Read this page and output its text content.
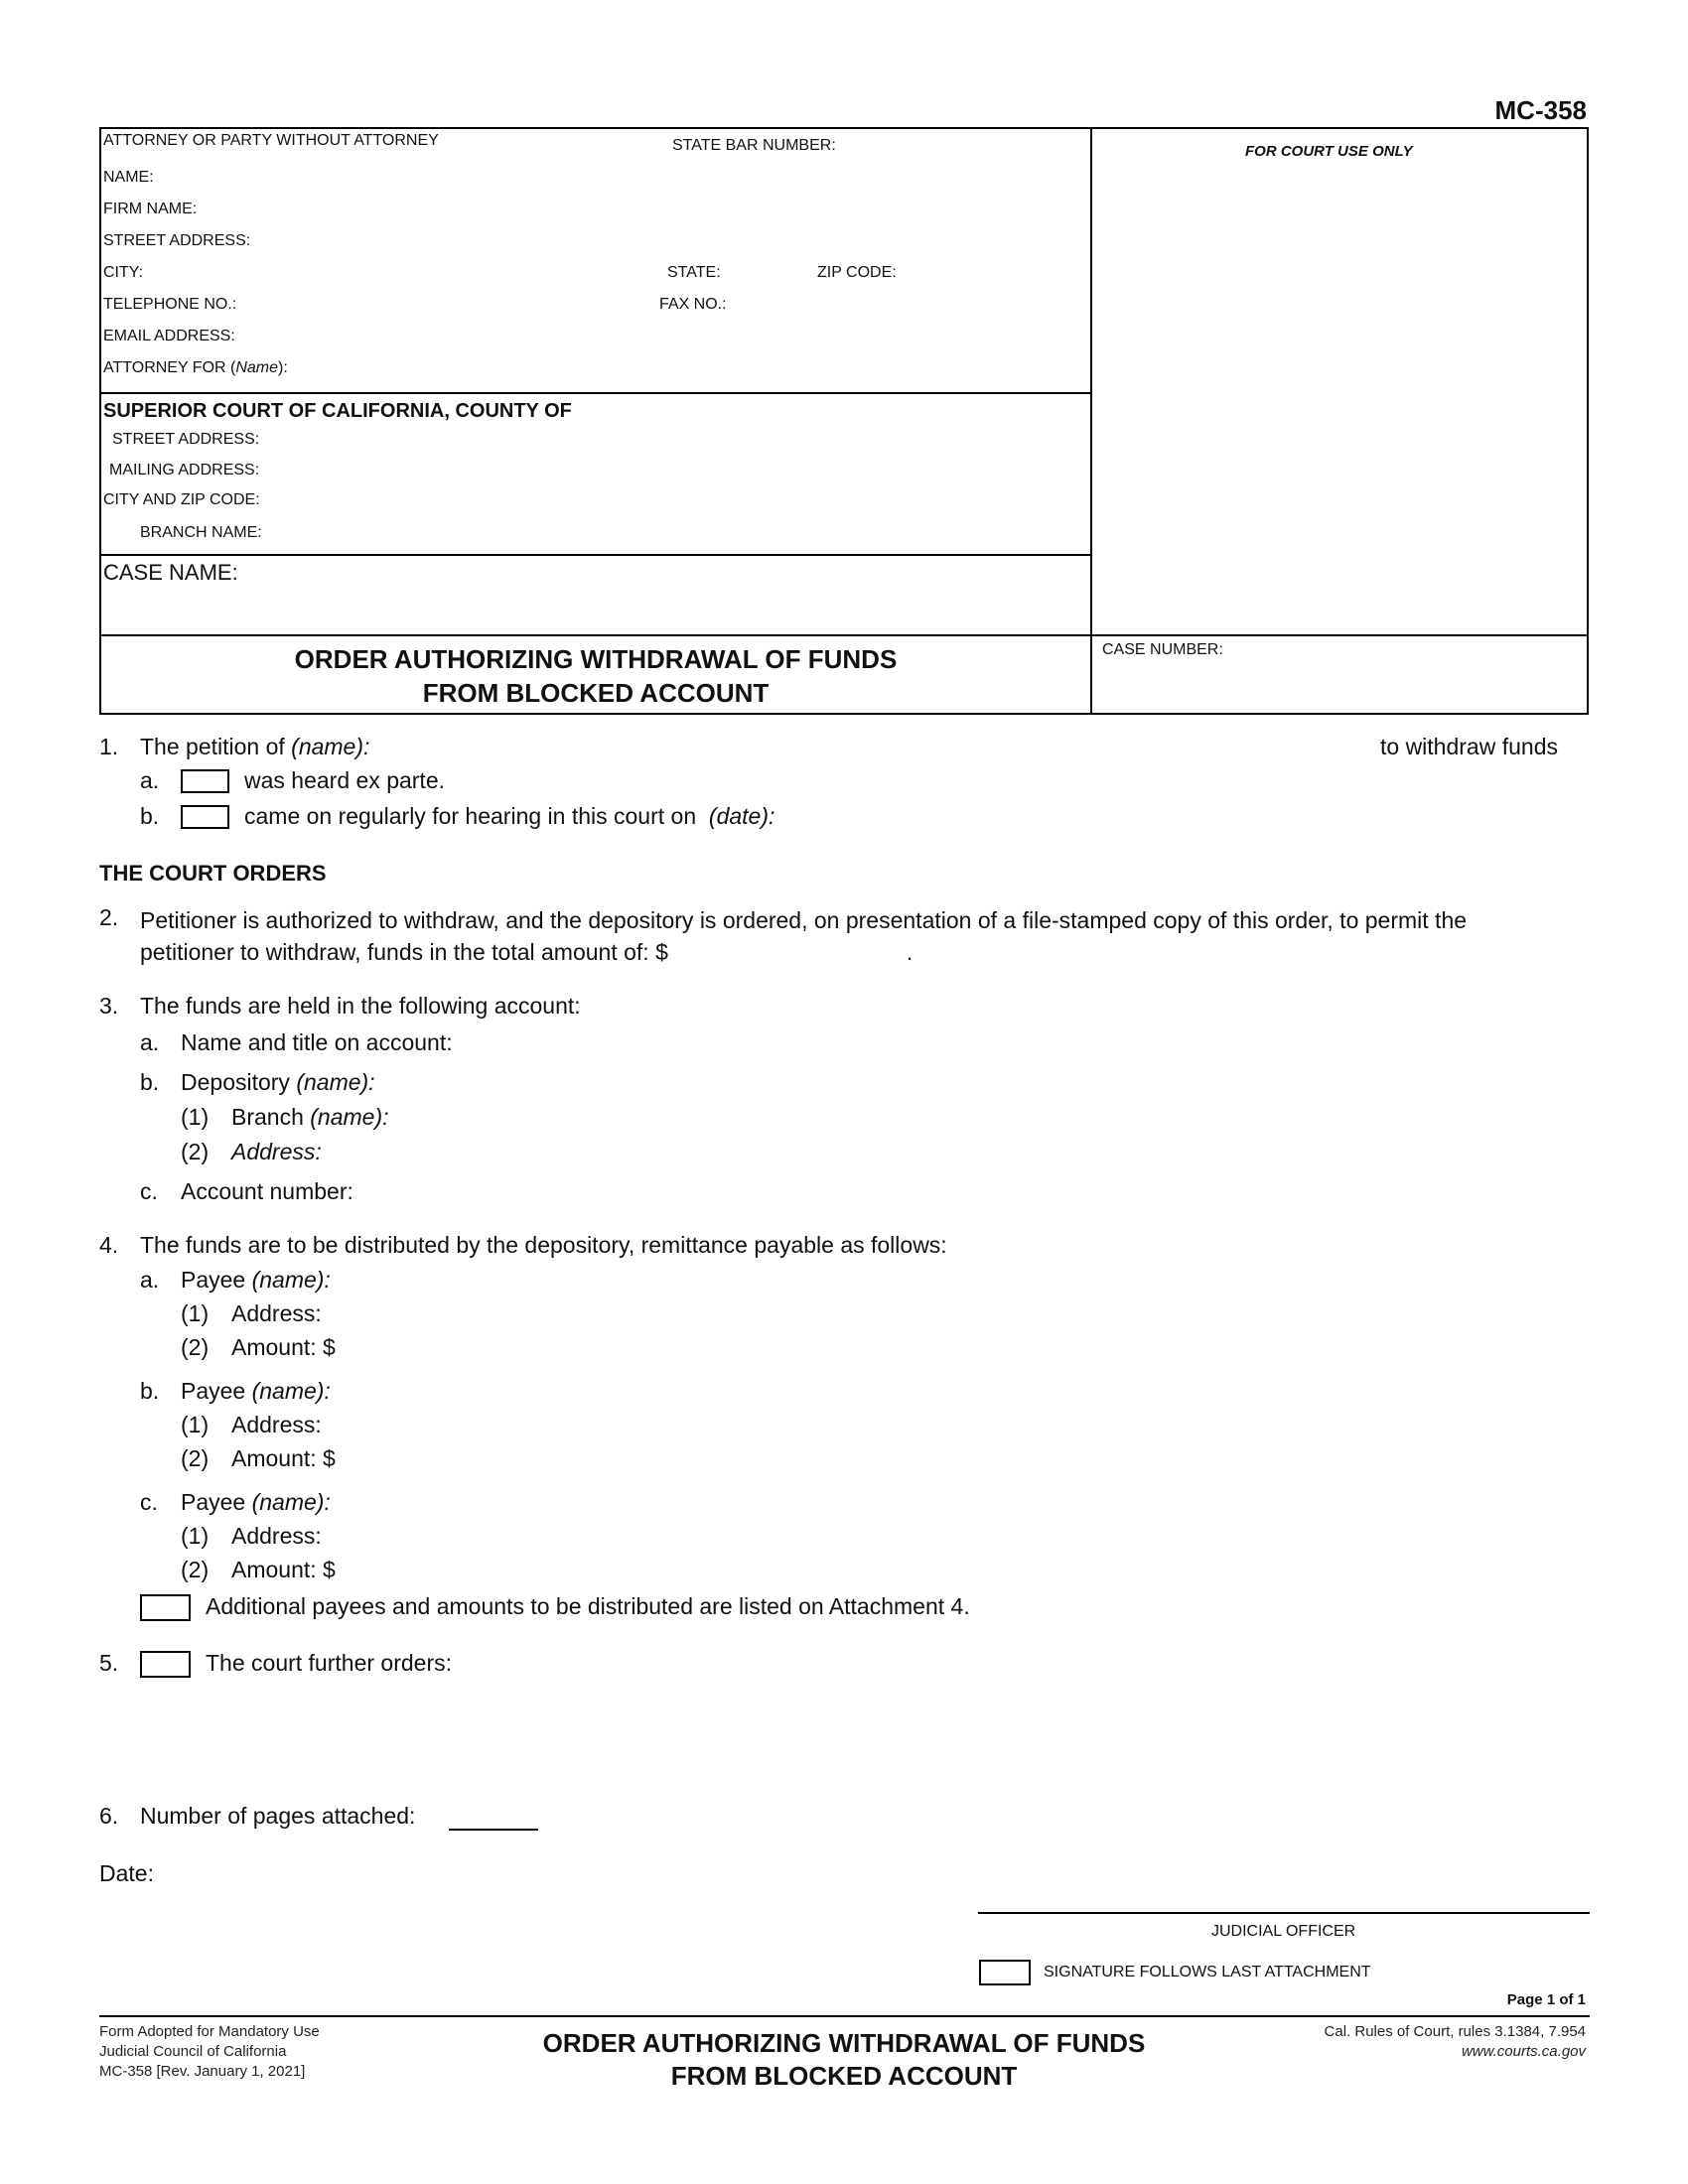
MC-358
ATTORNEY OR PARTY WITHOUT ATTORNEY	STATE BAR NUMBER:	FOR COURT USE ONLY
NAME:
FIRM NAME:
STREET ADDRESS:
CITY:	STATE:	ZIP CODE:
TELEPHONE NO.:	FAX NO.:
EMAIL ADDRESS:
ATTORNEY FOR (Name):
SUPERIOR COURT OF CALIFORNIA, COUNTY OF
STREET ADDRESS:
MAILING ADDRESS:
CITY AND ZIP CODE:
BRANCH NAME:
CASE NAME:
ORDER AUTHORIZING WITHDRAWAL OF FUNDS
FROM BLOCKED ACCOUNT
CASE NUMBER:
1. The petition of (name):	to withdraw funds
a.	was heard ex parte.
b.	came on regularly for hearing in this court on (date):
THE COURT ORDERS
2. Petitioner is authorized to withdraw, and the depository is ordered, on presentation of a file-stamped copy of this order, to permit the
petitioner to withdraw, funds in the total amount of: $	.
3. The funds are held in the following account:
a. Name and title on account:
b. Depository (name):
(1) Branch (name):
(2) Address:
c. Account number:
4. The funds are to be distributed by the depository, remittance payable as follows:
a. Payee (name):
(1) Address:
(2) Amount: $
b. Payee (name):
(1) Address:
(2) Amount: $
c. Payee (name):
(1) Address:
(2) Amount: $
Additional payees and amounts to be distributed are listed on Attachment 4.
5.	The court further orders:
6. Number of pages attached:
Date:
JUDICIAL OFFICER
SIGNATURE FOLLOWS LAST ATTACHMENT
Page 1 of 1
Form Adopted for Mandatory Use
Judicial Council of California
MC-358 [Rev. January 1, 2021]
ORDER AUTHORIZING WITHDRAWAL OF FUNDS
FROM BLOCKED ACCOUNT
Cal. Rules of Court, rules 3.1384, 7.954
www.courts.ca.gov
